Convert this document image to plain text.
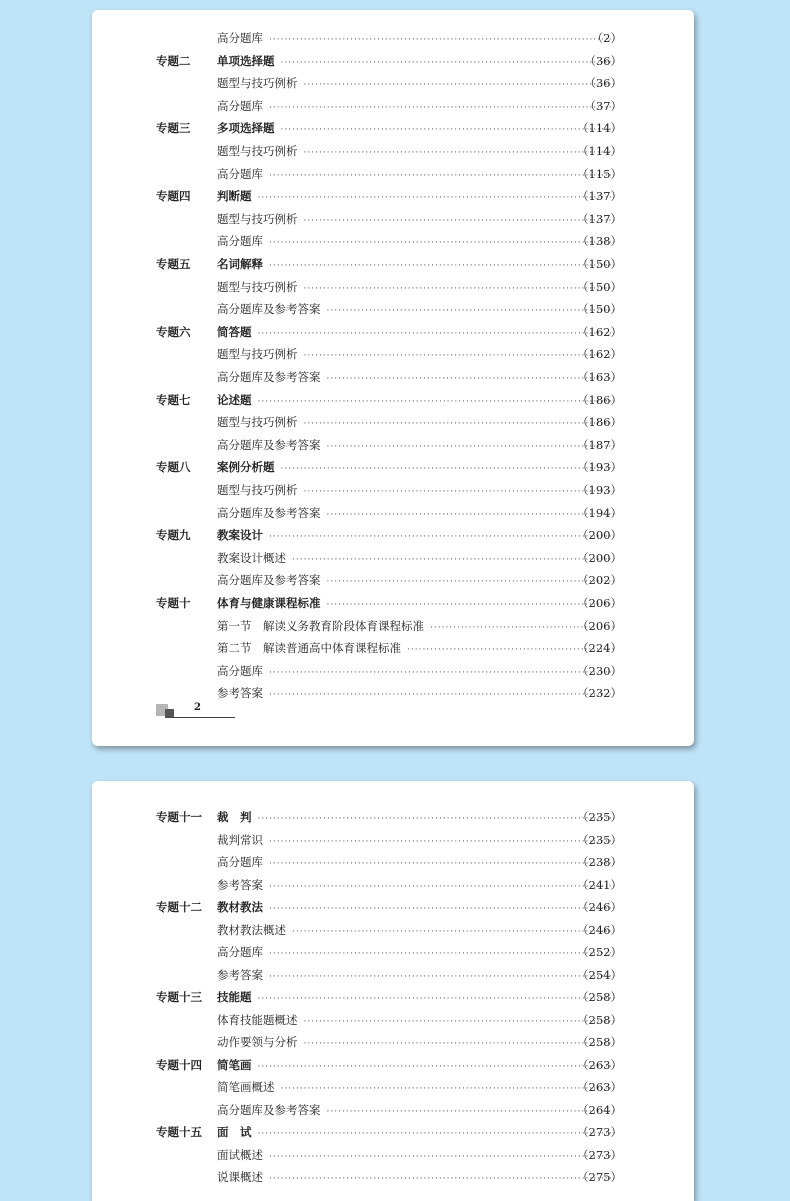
高分题库 ·····	（2）
专题二 单项选择题 ·····	（36）
题型与技巧例析 ·····	（36）
高分题库 ·····	（37）
专题三 多项选择题 ·····	（114）
题型与技巧例析 ·····	（114）
高分题库 ·····	（115）
专题四 判断题 ·····	（137）
题型与技巧例析 ·····	（137）
高分题库 ·····	（138）
专题五 名词解释 ·····	（150）
题型与技巧例析 ·····	（150）
高分题库及参考答案 ·····	（150）
专题六 简答题 ·····	（162）
题型与技巧例析 ·····	（162）
高分题库及参考答案 ·····	（163）
专题七 论述题 ·····	（186）
题型与技巧例析 ·····	（186）
高分题库及参考答案 ·····	（187）
专题八 案例分析题 ·····	（193）
题型与技巧例析 ·····	（193）
高分题库及参考答案 ·····	（194）
专题九 教案设计 ·····	（200）
教案设计概述 ·····	（200）
高分题库及参考答案 ·····	（202）
专题十 体育与健康课程标准 ·····	（206）
第一节　解读义务教育阶段体育课程标准 ·····	（206）
第二节　解读普通高中体育课程标准 ·····	（224）
高分题库 ·····	（230）
参考答案 ·····	（232）
2
专题十一 裁　判 ·····	（235）
裁判常识 ·····	（235）
高分题库 ·····	（238）
参考答案 ·····	（241）
专题十二 教材教法 ·····	（246）
教材教法概述 ·····	（246）
高分题库 ·····	（252）
参考答案 ·····	（254）
专题十三 技能题 ·····	（258）
体育技能题概述 ·····	（258）
动作要领与分析 ·····	（258）
专题十四 简笔画 ·····	（263）
简笔画概述 ·····	（263）
高分题库及参考答案 ·····	（264）
专题十五 面　试 ·····	（273）
面试概述 ·····	（273）
说课概述 ·····	（275）
